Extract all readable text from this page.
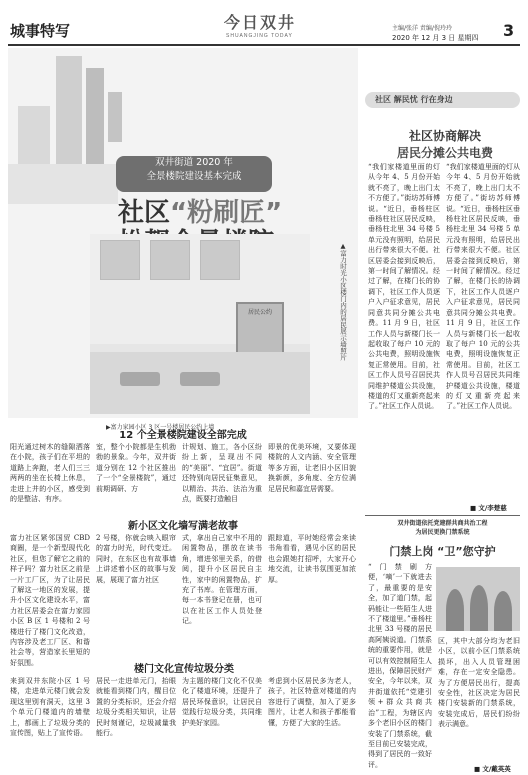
城事特写	今日双井
SHUANGJING TODAY
主编/张洋 责编/倪玲玲
2020 年 12 月 3 日 星期四 3
双井街道 2020 年
全景楼院建设基本完成
社区“粉刷匠”
居民公约	▲富力时光小区楼门内的居民展示墙照片
▶富力家园小区 3 区一号楼居民公约上墙
社区 解民忧 行在身边
社区协商解决
居民分摊公共电费
“我们家楼道里面的灯从今年 4、5 月份开始就不亮了，晚上出门太不方便了。”街坊苏师傅说。“近日，垂杨柱区垂杨柱社区居民反映，垂杨柱北里 34 号楼 5 单元没有照明，给居民出行带来很大不便。社区居委会接到反映后，第一时间了解情况。经过了解，在楼门长的协调下，社区工作人员逐户入户征求意见，居民同意共同分摊公共电费。11 月 9 日，社区工作人员与新楼门长一起收取了每户 10 元的公共电费，照明设施恢复正常使用。目前，社区工作人员号召居民共同维护楼道公共设施，楼道的灯又重新亮起来了。”社区工作人员说。
“我们家楼道里面的灯从今年 4、5 月份开始就不亮了，晚上出门太不方便了。”街坊苏师傅说。“近日，垂杨柱区垂杨柱社区居民反映，垂杨柱北里 34 号楼 5 单元没有照明，给居民出行带来很大不便。社区居委会接到反映后，第一时间了解情况。经过了解，在楼门长的协调下，社区工作人员逐户入户征求意见，居民同意共同分摊公共电费。11 月 9 日，社区工作人员与新楼门长一起收取了每户 10 元的公共电费，照明设施恢复正常使用。目前，社区工作人员号召居民共同维护楼道公共设施，楼道的灯又重新亮起来了。”社区工作人员说。
■ 文/李楚慈
12 个全景楼院建设全部完成
阳光通过树木的缝隙洒落在小院，孩子们在平坦的道路上奔跑，老人们三三两两的坐在长椅上休息，走进上井的小区，感受到的是整洁、有序。
室，整个小院都是生机勃勃的景象。今年，双井街道分别在 12 个社区推出了一个“全景楼院”，通过前期调研、方
计规划、施工，各小区纷纷上新，呈现出不同的“美丽”、“宜居”。街道还特别向居民征集意见，以精治、共治、法治为重点，既要打造触目
即景的优美环境，又要体现楼院的人文内涵、安全管理等多方面，让老旧小区旧貌换新颜，多角度、全方位满足居民和嘉宜居需要。
新小区文化墙写满老故事
富力社区紧邻国贸 CBD 商圈，是一个新型现代化社区，但您了解它之前的样子吗？富力社区之前是一片工厂区，为了让居民了解这一地区的发展，提升小区文化建设水平，富力社区居委会在富力家园小区 B 区 1 号楼和 2 号楼进行了楼门文化改造，内容涉及老工厂区、和谐社会等，营造家长里短的好氛围。
2 号楼，你就会映入眼帘的富力时光，时代变迁。同时，在东区也有故事墙上讲述着小区的故事与发展，展现了富力社区
式，拿出自己家中不用的闲置物品，摆放在读书角，增进邻里关系，的借阅，提升小区居民自主性，家中的闲置物品，扩充了书库。在管理方面，每一本书登记在册，也可以在社区工作人员处登记。
跟踪道，平时她经常会来读书角看看，遇见小区的居民也会跟她打招呼，大家开心地交流，让读书氛围更加浓厚。
楼门文化宣传垃圾分类
来到双井东院小区 1 号楼，走进单元楼门就会发现这里别有洞天，这里 3 个单元门楼道内的墙壁上，都画上了垃圾分类的宣传图，贴上了宣传语。
居民一走进单元门，抬眼就能看到楼门内，醒目位置的分类标识，还会介绍垃圾分类相关知识，让居民时刻谨记，垃圾减量我能行。
为主题的楼门文化不仅美化了楼道环境，还提升了居民环保意识，让居民自觉践行垃圾分类，共同维护美好家园。
考虑到小区居民多为老人，孩子，社区特意对楼道的内容进行了调整，加入了更多图片，让老人和孩子都能看懂，方便了大家的生活。
双井街道依托党建群共商共治工程
为居民更换门禁系统
门禁上岗 “卫”您守护
“门禁刷方便，‘嘀’一下就进去了，最重要的是安全，加了道门禁，起码能让一些陌生人进不了楼道里。”垂杨柱北里 33 号楼的居民高阿姨说道。门禁系统的重要作用，就是可以有效控制陌生人进出，保障居民财产安全，今年以来，双井街道依托“党建引领+群众共商共治”工程，为辖区内多个老旧小区的楼门安装了门禁系统，截至目前已安装完成，得到了居民的一致好评。
区，其中大部分均为老旧小区，以前小区门禁系统损坏，出入人员管理困难，存在一定安全隐患。为了方便居民出行，提高安全性，社区决定为居民楼门安装新的门禁系统，安装完成后，居民们纷纷表示满意。
■ 文/戴英英
